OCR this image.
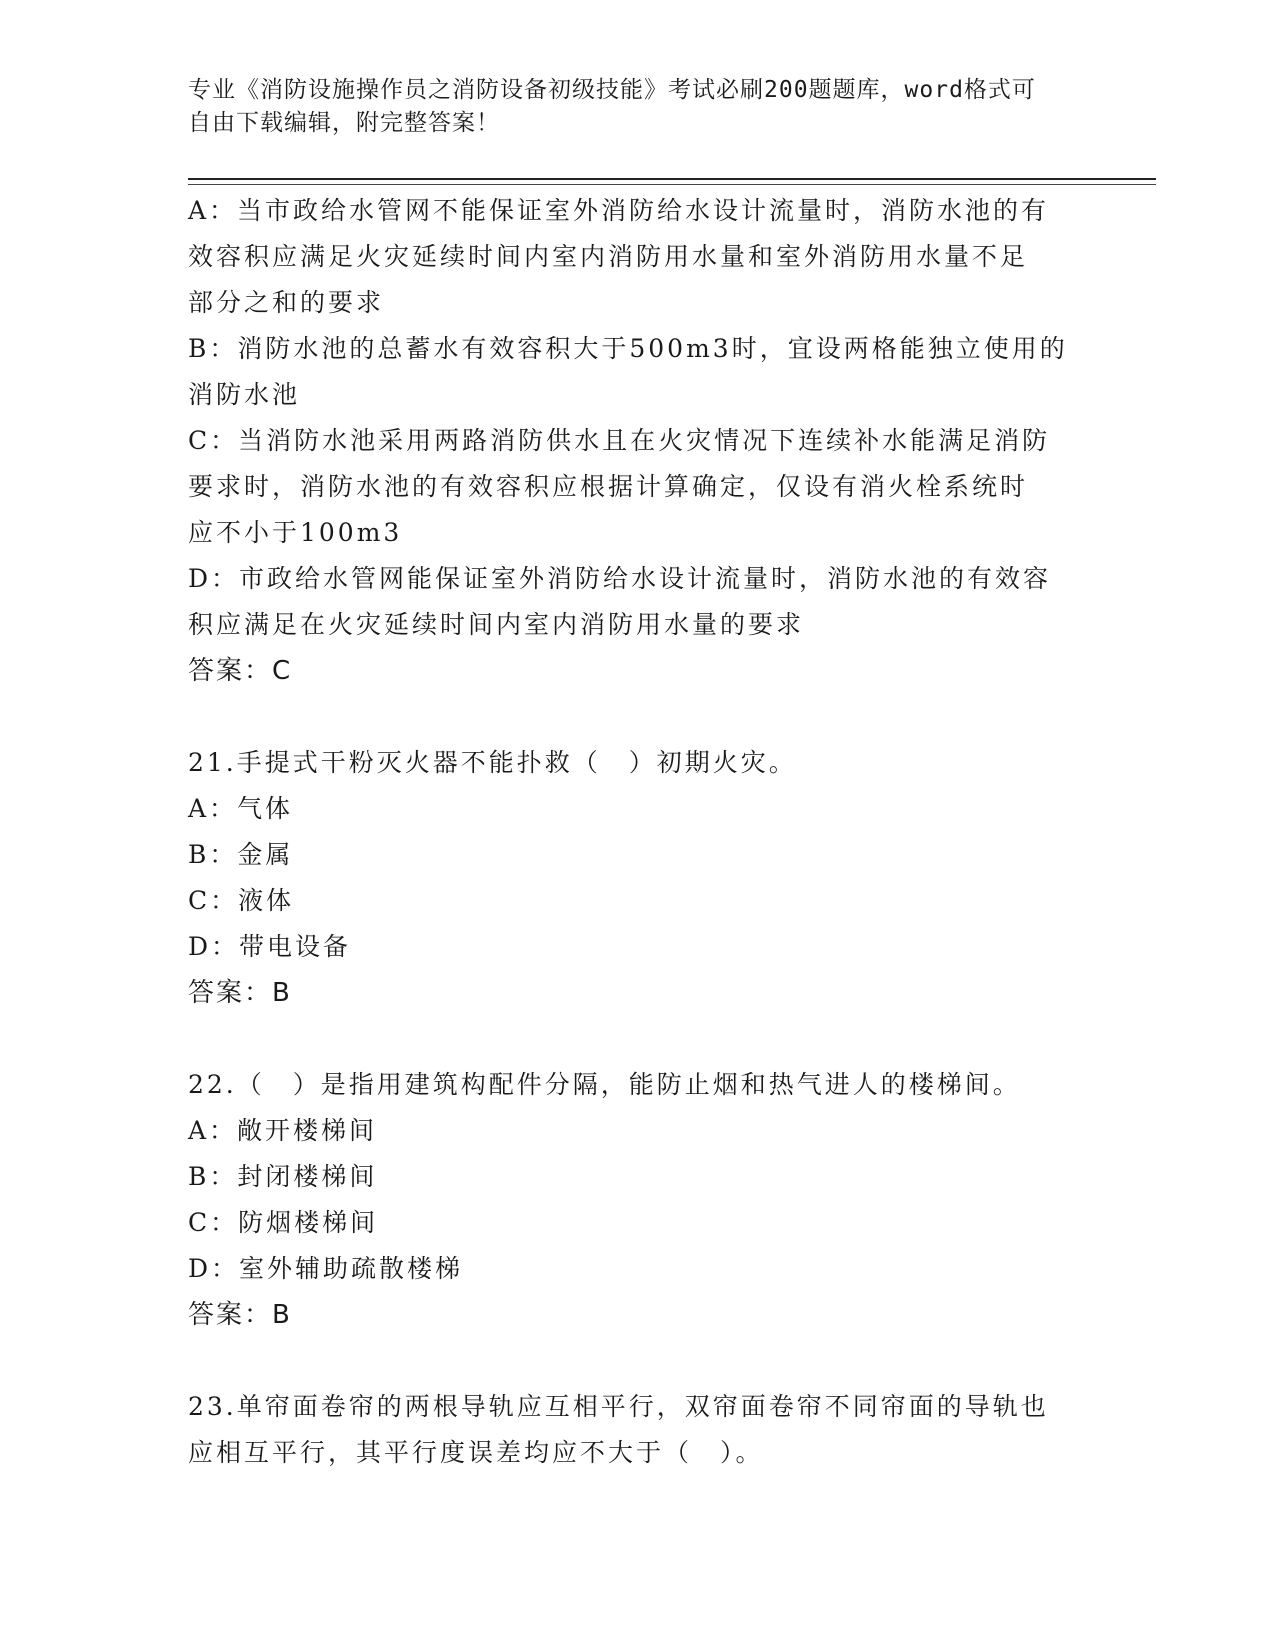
专业《消防设施操作员之消防设备初级技能》考试必刷200题题库，word格式可
自由下载编辑，附完整答案！

A：当市政给水管网不能保证室外消防给水设计流量时，消防水池的有

效容积应满足火灾延续时间内室内消防用水量和室外消防用水量不足

部分之和的要求

B：消防水池的总蓄水有效容积大于500m3时，宜设两格能独立使用的

消防水池

C：当消防水池采用两路消防供水且在火灾情况下连续补水能满足消防

要求时，消防水池的有效容积应根据计算确定，仅设有消火栓系统时

应不小于100m3

D：市政给水管网能保证室外消防给水设计流量时，消防水池的有效容

积应满足在火灾延续时间内室内消防用水量的要求

答案：C

21.手提式干粉灭火器不能扑救（　）初期火灾。

A：气体

B：金属

C：液体

D：带电设备

答案：B

22.（　）是指用建筑构配件分隔，能防止烟和热气进人的楼梯间。

A：敞开楼梯间

B：封闭楼梯间

C：防烟楼梯间

D：室外辅助疏散楼梯

答案：B

23.单帘面卷帘的两根导轨应互相平行，双帘面卷帘不同帘面的导轨也

应相互平行，其平行度误差均应不大于（　）。
